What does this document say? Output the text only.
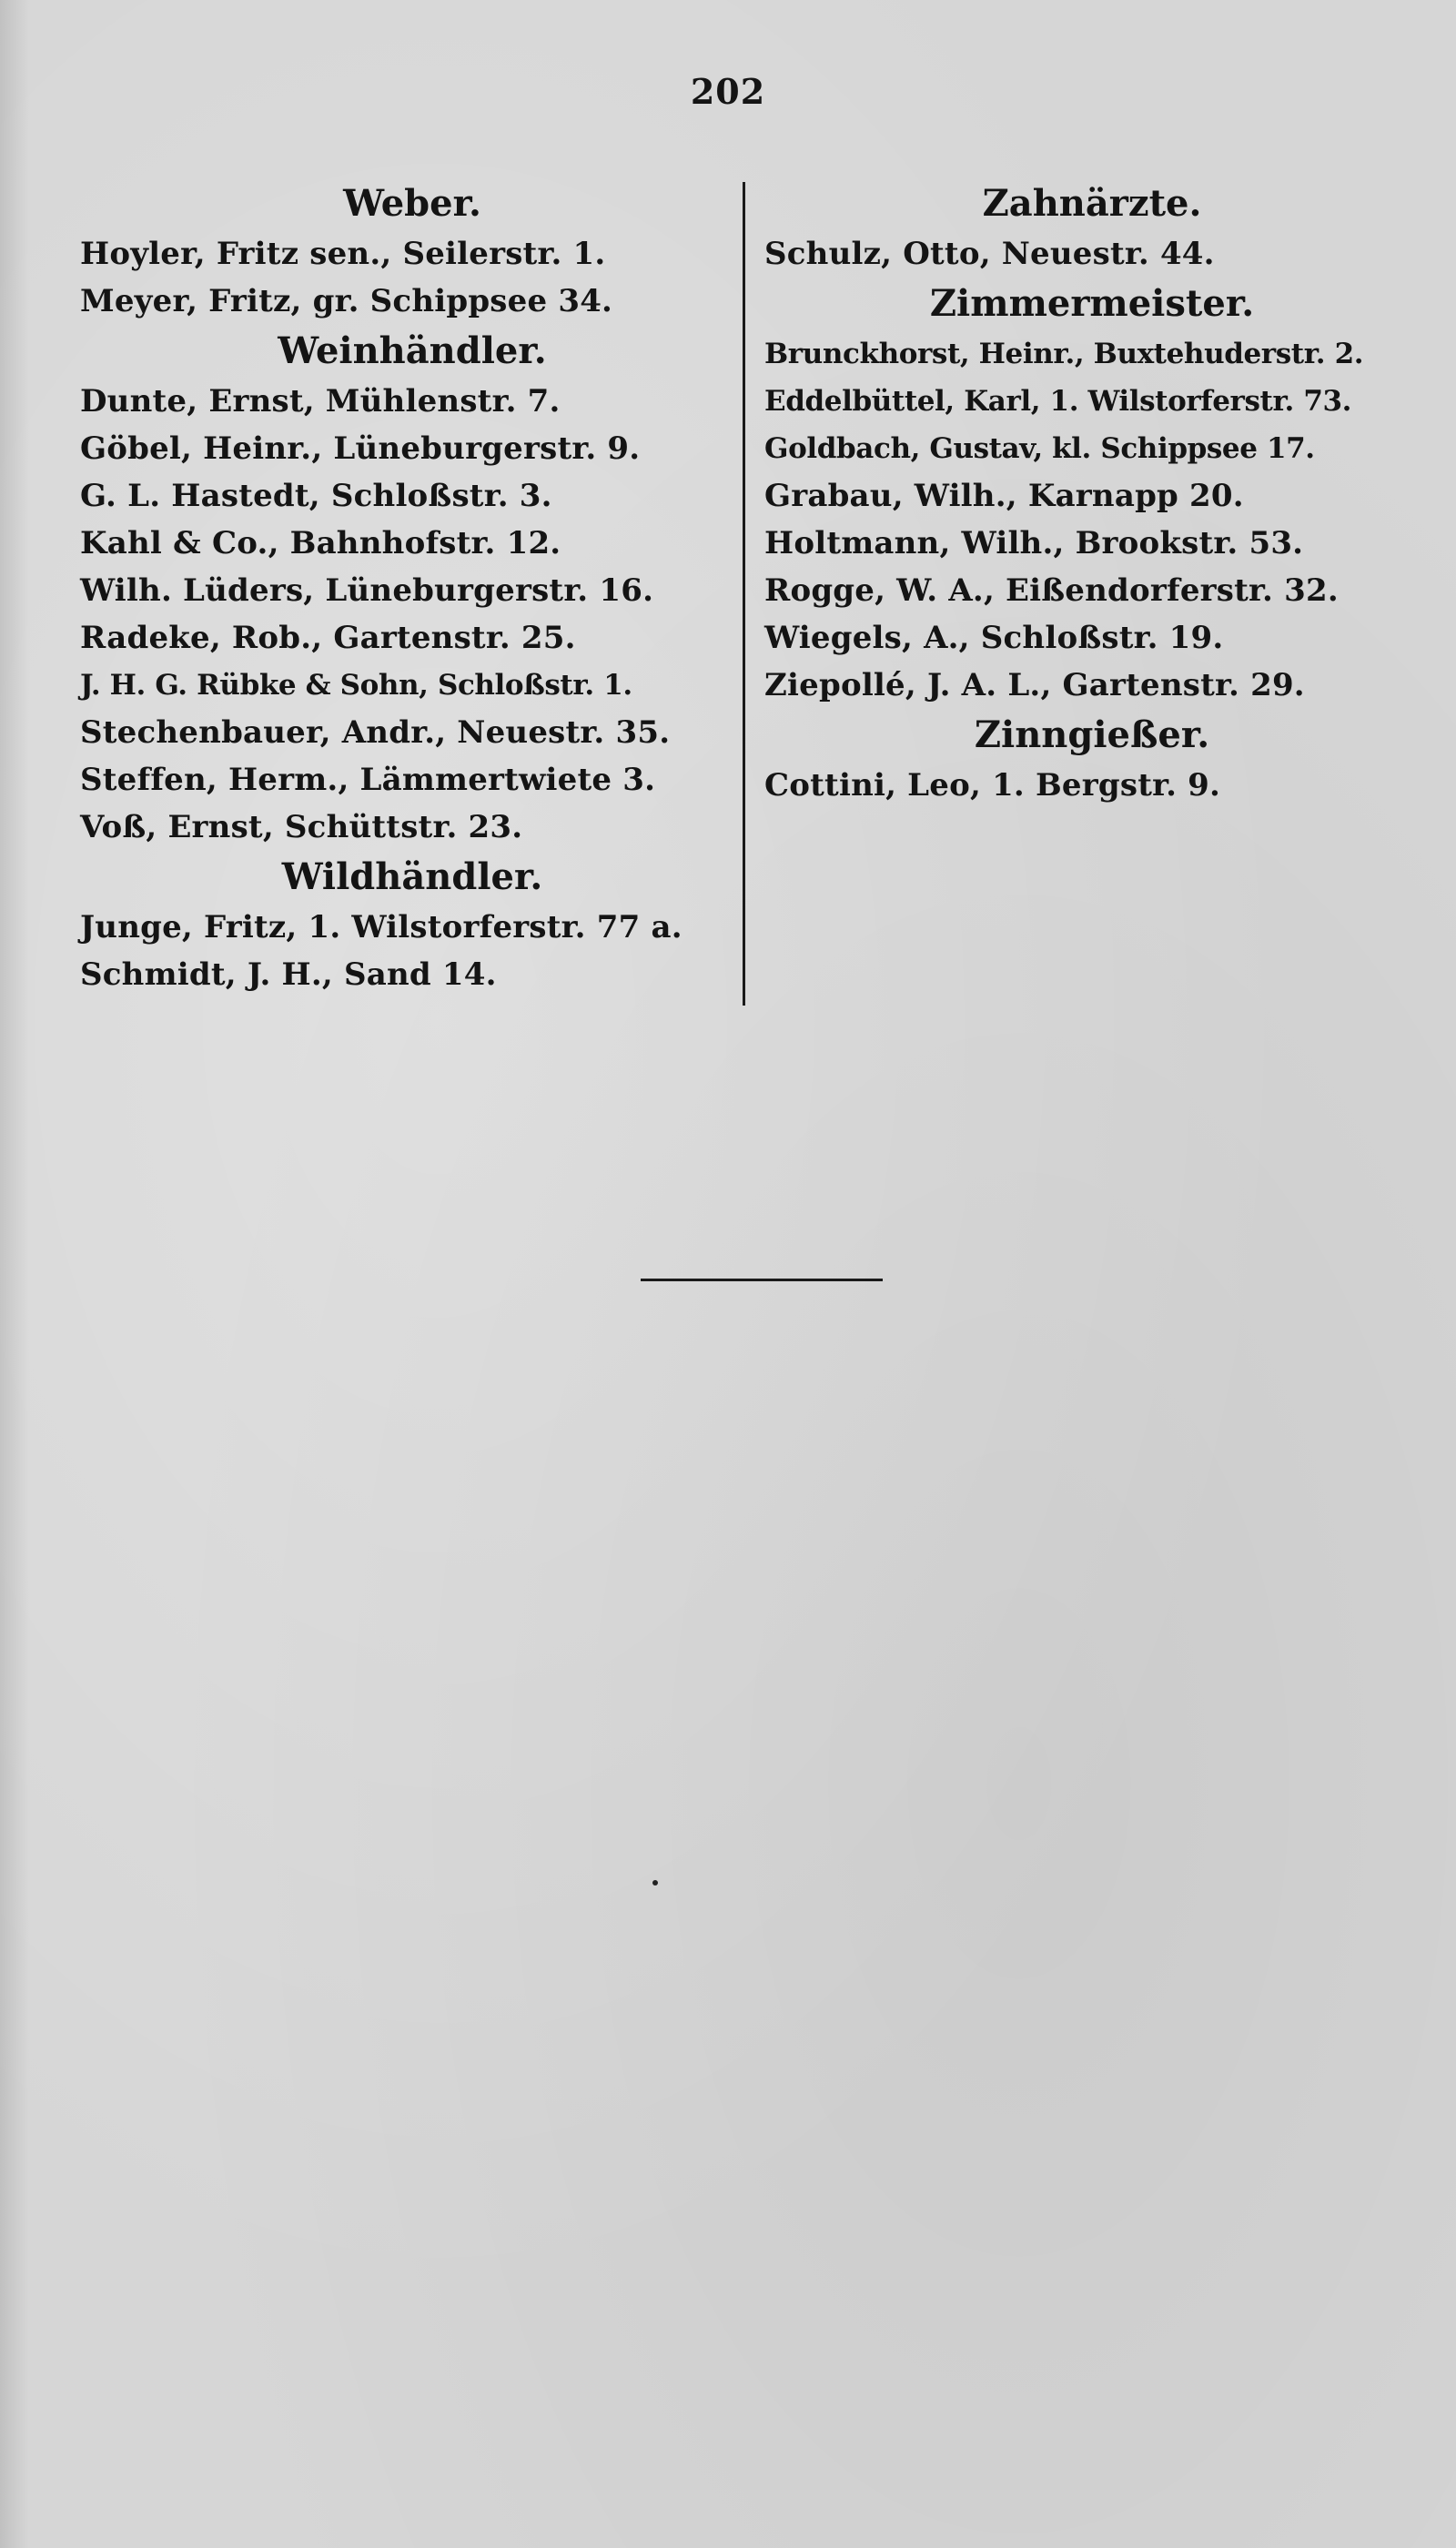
202
Weber.
Hoyler, Fritz sen., Seilerstr. 1.
Meyer, Fritz, gr. Schippsee 34.
Weinhändler.
Dunte, Ernst, Mühlenstr. 7.
Göbel, Heinr., Lüneburgerstr. 9.
G. L. Hastedt, Schloßstr. 3.
Kahl & Co., Bahnhofstr. 12.
Wilh. Lüders, Lüneburgerstr. 16.
Radeke, Rob., Gartenstr. 25.
J. H. G. Rübke & Sohn, Schloßstr. 1.
Stechenbauer, Andr., Neuestr. 35.
Steffen, Herm., Lämmertwiete 3.
Voß, Ernst, Schüttstr. 23.
Wildhändler.
Junge, Fritz, 1. Wilstorferstr. 77 a.
Schmidt, J. H., Sand 14.
Zahnärzte.
Schulz, Otto, Neuestr. 44.
Zimmermeister.
Brunckhorst, Heinr., Buxtehuderstr. 2.
Eddelbüttel, Karl, 1. Wilstorferstr. 73.
Goldbach, Gustav, kl. Schippsee 17.
Grabau, Wilh., Karnapp 20.
Holtmann, Wilh., Brookstr. 53.
Rogge, W. A., Eißendorferstr. 32.
Wiegels, A., Schloßstr. 19.
Ziepollé, J. A. L., Gartenstr. 29.
Zinngießer.
Cottini, Leo, 1. Bergstr. 9.
